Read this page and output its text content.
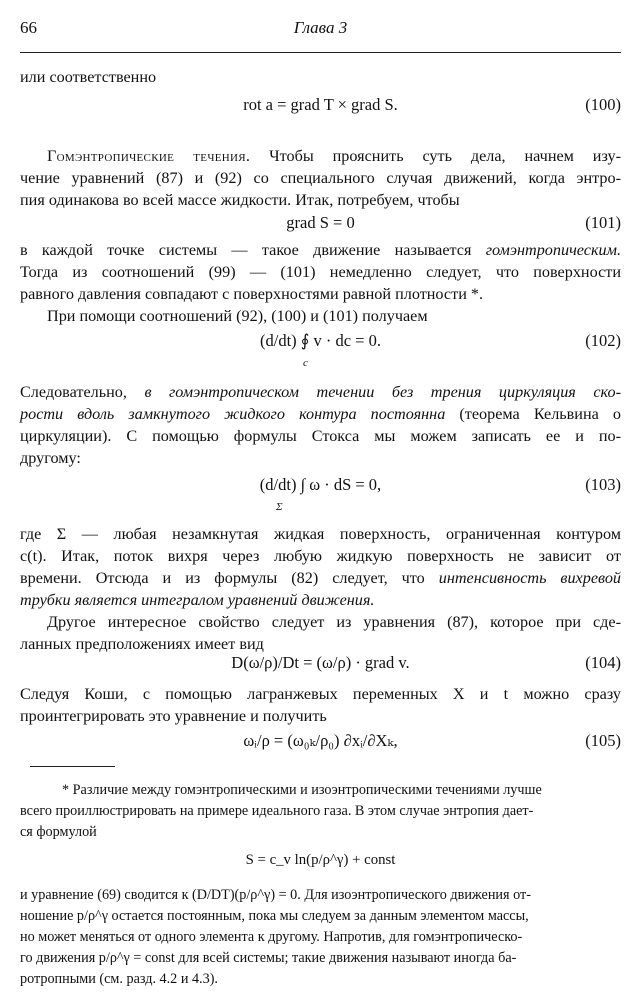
66	Глава 3
или соответственно
rot a = grad T × grad S.	(100)
Гомэнтропические течения. Чтобы прояснить суть дела, начнем изу-
чение уравнений (87) и (92) со специального случая движений, когда энтро-
пия одинакова во всей массе жидкости. Итак, потребуем, чтобы
grad S = 0	(101)
в каждой точке системы — такое движение называется гомэнтропическим.
Тогда из соотношений (99) — (101) немедленно следует, что поверхности
равного давления совпадают с поверхностями равной плотности *.
При помощи соотношений (92), (100) и (101) получаем
(d/dt) ∮ v · dc = 0.
c
(102)
Следовательно, в гомэнтропическом течении без трения циркуляция ско-
рости вдоль замкнутого жидкого контура постоянна (теорема Кельвина о
циркуляции). С помощью формулы Стокса мы можем записать ее и по-
другому:
(d/dt) ∫ ω · dS = 0,
Σ
(103)
где Σ — любая незамкнутая жидкая поверхность, ограниченная контуром
c(t). Итак, поток вихря через любую жидкую поверхность не зависит от
времени. Отсюда и из формулы (82) следует, что интенсивность вихревой
трубки является интегралом уравнений движения.
Другое интересное свойство следует из уравнения (87), которое при сде-
ланных предположениях имеет вид
D(ω/ρ)/Dt = (ω/ρ) · grad v.	(104)
Следуя Коши, с помощью лагранжевых переменных X и t можно сразу
проинтегрировать это уравнение и получить
ωᵢ/ρ = (ω₀ₖ/ρ₀) ∂xᵢ/∂Xₖ,	(105)
* Различие между гомэнтропическими и изоэнтропическими течениями лучше
всего проиллюстрировать на примере идеального газа. В этом случае энтропия дает-
ся формулой
S = c_v ln(p/ρ^γ) + const
и уравнение (69) сводится к (D/DT)(p/ρ^γ) = 0. Для изоэнтропического движения от-
ношение p/ρ^γ остается постоянным, пока мы следуем за данным элементом массы,
но может меняться от одного элемента к другому. Напротив, для гомэнтропическо-
го движения p/ρ^γ = const для всей системы; такие движения называют иногда ба-
ротропными (см. разд. 4.2 и 4.3).
